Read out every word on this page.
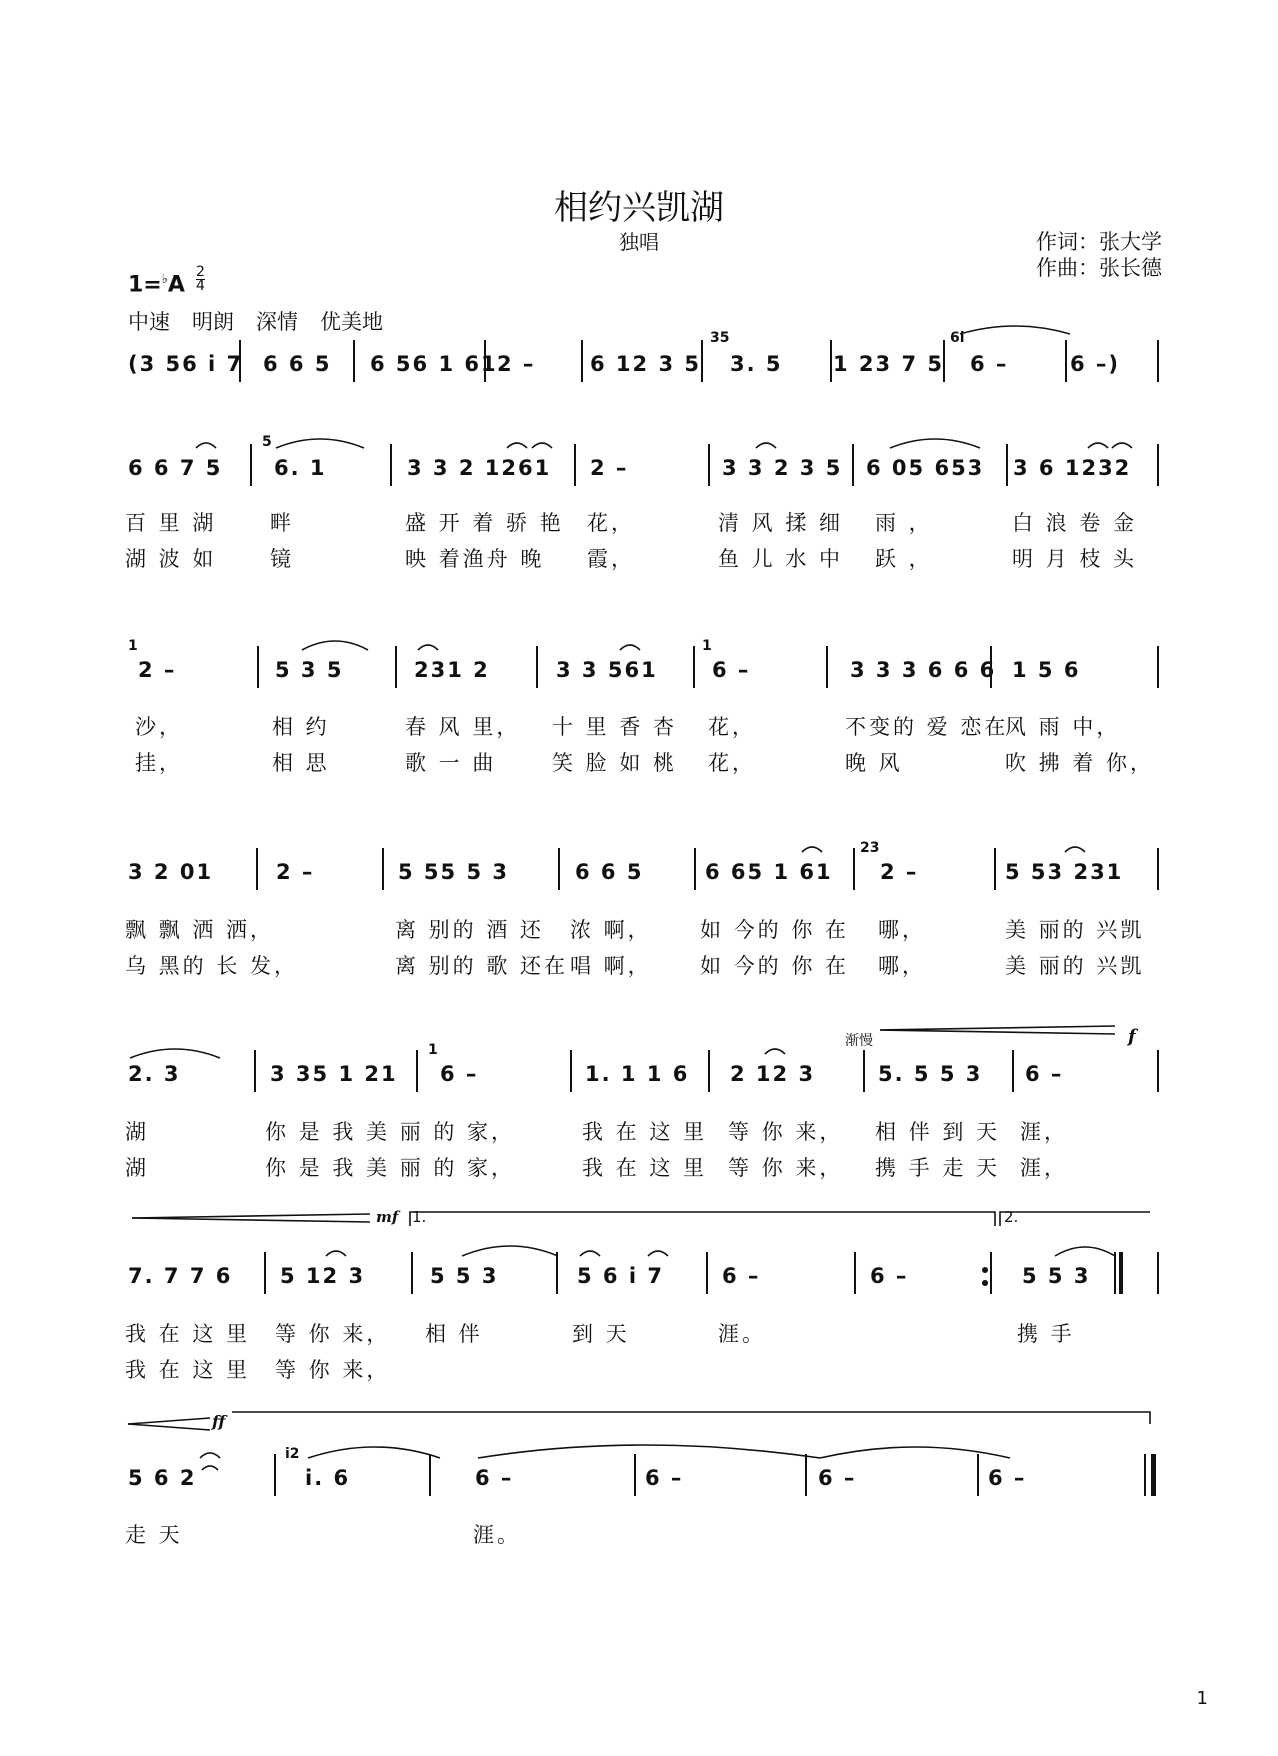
相约兴凯湖
独唱	作词：张大学
作曲：张长德
1=♭A
2
4
中速 明朗 深情 优美地
(3 56 i 7 6 6 5 6 56 1 61 2 –	6 12 3 5
35
3. 5 1 23 7 5
6i
6 –	6 –)
6 6 7 5
5
6. 1	3 3 2 1261 2 –	3 3 2 3 5 6 05 653 3 6 1232
百 里 湖	畔	盛 开 着 骄 艳 花，	清 风 揉 细 雨 ，	白 浪 卷 金
湖 波 如	镜	映 着渔舟 晚 霞，	鱼 儿 水 中 跃 ，	明 月 枝 头
1
2 –	5 3 5	231 2	3 3 561
1
6 –	3 3 3 6 6 6 1 5 6
沙，	相 约	春 风 里， 十 里 香 杏 花，	不变的 爱 恋在
风 雨 中，
挂，	相 思	歌 一 曲	笑 脸 如 桃 花，	晚 风	吹 拂 着 你，
3 2 01	2 –	5 55 5 3	6 6 5	6 65 1 61
23
2 –	5 53 231
飘 飘 洒 洒，	离 别的 酒 还 浓 啊， 如 今的 你 在 哪，	美 丽的 兴凯
乌 黑的 长 发，	离 别的 歌 还在 唱 啊， 如 今的 你 在 哪，	美 丽的 兴凯
渐慢	f
2. 3	3 35 1 21
1
6 –	1. 1 1 6 2 12 3	5. 5 5 3 6 –
湖	你 是 我 美 丽 的 家，	我 在 这 里 等 你 来， 相 伴 到 天 涯，
湖	你 是 我 美 丽 的 家，	我 在 这 里 等 你 来， 携 手 走 天 涯，
mf 1.	2.
7. 7 7 6 5 12 3	5 5 3	5 6 i 7	6 –	6 –	5 5 3
我 在 这 里 等 你 来， 相 伴	到 天	涯。	携 手
我 在 这 里 等 你 来，
ff
5 6 2
i2
i. 6	6 –	6 –	6 –	6 –
走 天	涯。
1
